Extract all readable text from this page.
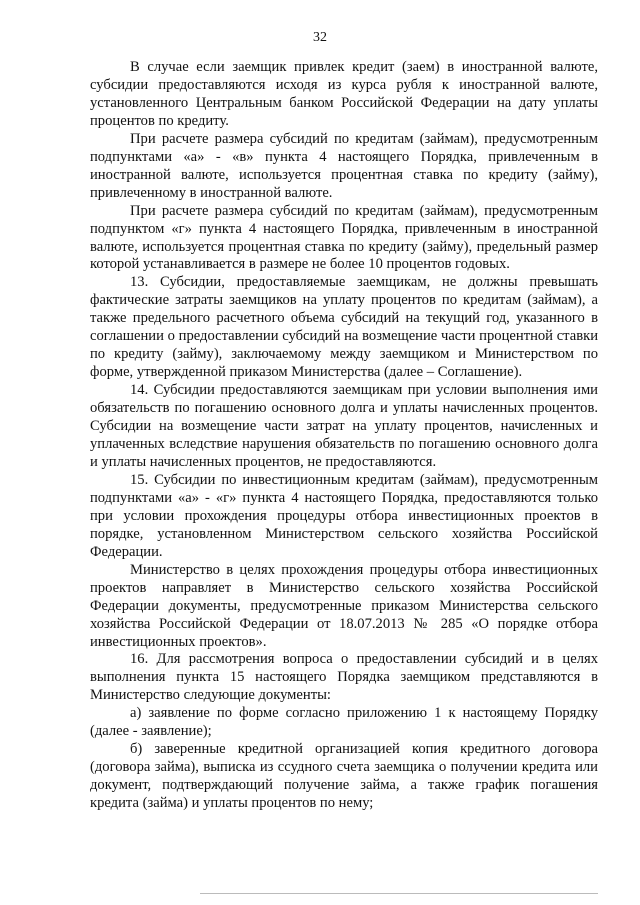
32

В случае если заемщик привлек кредит (заем) в иностранной валюте, субсидии предоставляются исходя из курса рубля к иностранной валюте, установленного Центральным банком Российской Федерации на дату уплаты процентов по кредиту.

При расчете размера субсидий по кредитам (займам), предусмотренным подпунктами «а» - «в» пункта 4 настоящего Порядка, привлеченным в иностранной валюте, используется процентная ставка по кредиту (займу), привлеченному в иностранной валюте.

При расчете размера субсидий по кредитам (займам), предусмотренным подпунктом «г» пункта 4 настоящего Порядка, привлеченным в иностранной валюте, используется процентная ставка по кредиту (займу), предельный размер которой устанавливается в размере не более 10 процентов годовых.

13. Субсидии, предоставляемые заемщикам, не должны превышать фактические затраты заемщиков на уплату процентов по кредитам (займам), а также предельного расчетного объема субсидий на текущий год, указанного в соглашении о предоставлении субсидий на возмещение части процентной ставки по кредиту (займу), заключаемому между заемщиком и Министерством по форме, утвержденной приказом Министерства (далее – Соглашение).

14. Субсидии предоставляются заемщикам при условии выполнения ими обязательств по погашению основного долга и уплаты начисленных процентов. Субсидии на возмещение части затрат на уплату процентов, начисленных и уплаченных вследствие нарушения обязательств по погашению основного долга и уплаты начисленных процентов, не предоставляются.

15. Субсидии по инвестиционным кредитам (займам), предусмотренным подпунктами «а» - «г» пункта 4 настоящего Порядка, предоставляются только при условии прохождения процедуры отбора инвестиционных проектов в порядке, установленном Министерством сельского хозяйства Российской Федерации.

Министерство в целях прохождения процедуры отбора инвестиционных проектов направляет в Министерство сельского хозяйства Российской Федерации документы, предусмотренные приказом Министерства сельского хозяйства Российской Федерации от 18.07.2013 № 285 «О порядке отбора инвестиционных проектов».

16. Для рассмотрения вопроса о предоставлении субсидий и в целях выполнения пункта 15 настоящего Порядка заемщиком представляются в Министерство следующие документы:

а) заявление по форме согласно приложению 1 к настоящему Порядку (далее - заявление);

б) заверенные кредитной организацией копия кредитного договора (договора займа), выписка из ссудного счета заемщика о получении кредита или документ, подтверждающий получение займа, а также график погашения кредита (займа) и уплаты процентов по нему;
